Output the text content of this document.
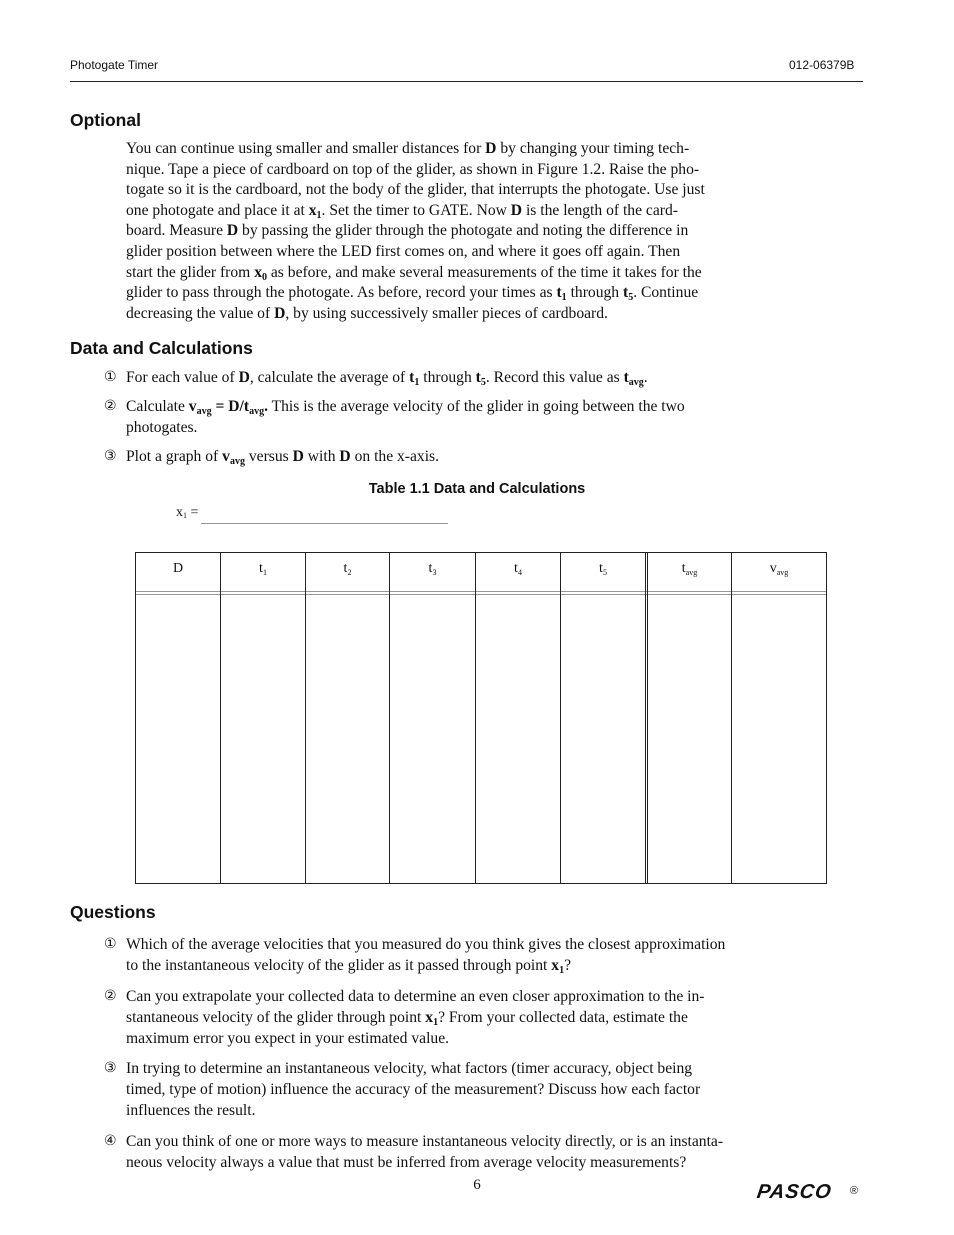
Photogate Timer	012-06379B
Optional
You can continue using smaller and smaller distances for D by changing your timing tech-
nique. Tape a piece of cardboard on top of the glider, as shown in Figure 1.2. Raise the pho-
togate so it is the cardboard, not the body of the glider, that interrupts the photogate. Use just
one photogate and place it at $x_1$. Set the timer to GATE. Now D is the length of the card-
board. Measure D by passing the glider through the photogate and noting the difference in
glider position between where the LED first comes on, and where it goes off again. Then
start the glider from $x_0$ as before, and make several measurements of the time it takes for the
glider to pass through the photogate. As before, record your times as $t_1$ through $t_5$. Continue
decreasing the value of D, by using successively smaller pieces of cardboard.
Data and Calculations
① For each value of D, calculate the average of $t_1$ through $t_5$. Record this value as $t_{avg}$.
② Calculate $v_{avg} = D/t_{avg}$. This is the average velocity of the glider in going between the two
photogates.
③ Plot a graph of $v_{avg}$ versus D with D on the x-axis.
Table 1.1 Data and Calculations
$x_1$ =
D	$t_1$	$t_2$	$t_3$	$t_4$	$t_5$	$t_{avg}$	$v_{avg}$
Questions
① Which of the average velocities that you measured do you think gives the closest approximation
to the instantaneous velocity of the glider as it passed through point $x_1$?
② Can you extrapolate your collected data to determine an even closer approximation to the in-
stantaneous velocity of the glider through point $x_1$? From your collected data, estimate the
maximum error you expect in your estimated value.
③ In trying to determine an instantaneous velocity, what factors (timer accuracy, object being
timed, type of motion) influence the accuracy of the measurement? Discuss how each factor
influences the result.
④ Can you think of one or more ways to measure instantaneous velocity directly, or is an instanta-
neous velocity always a value that must be inferred from average velocity measurements?
6	PASCO ®
